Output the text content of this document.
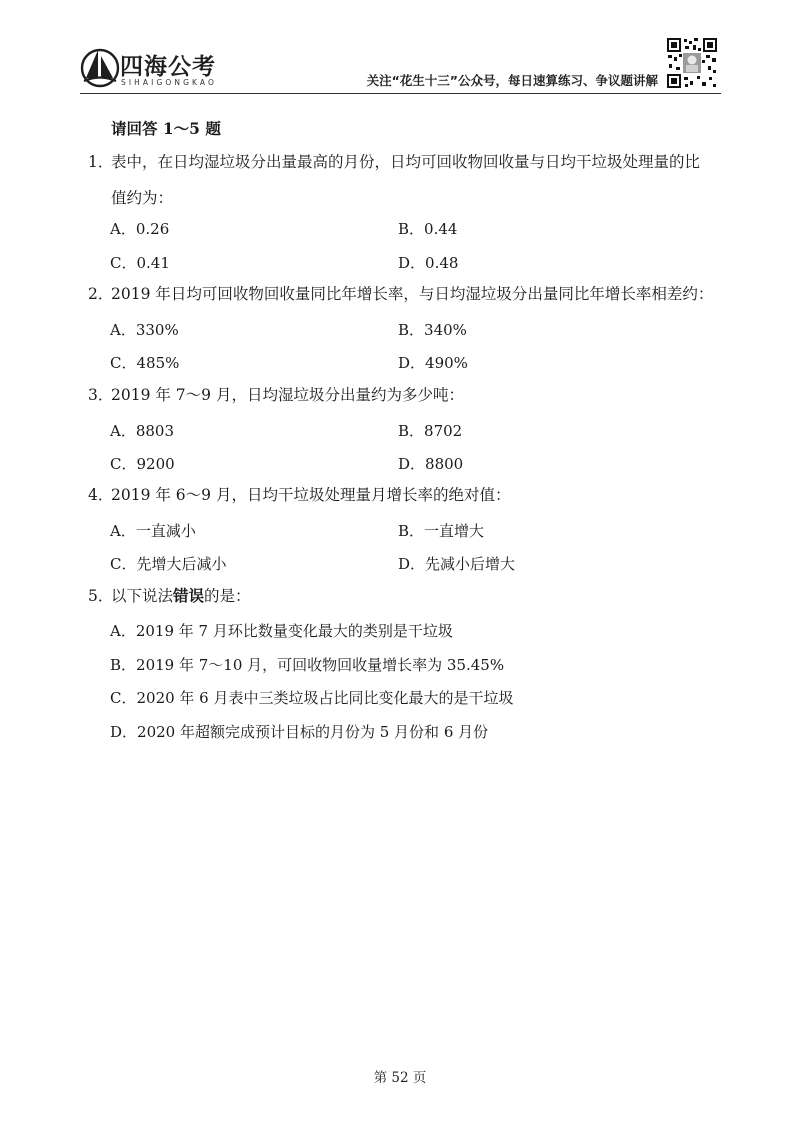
四海公考
SIHAIGONGKAO	关注“花生十三”公众号，每日速算练习、争议题讲解
请回答 1～5 题
1．表中，在日均湿垃圾分出量最高的月份，日均可回收物回收量与日均干垃圾处理量的比
值约为：
A．0.26	B．0.44
C．0.41	D．0.48
2．2019 年日均可回收物回收量同比年增长率，与日均湿垃圾分出量同比年增长率相差约：
A．330%	B．340%
C．485%	D．490%
3．2019 年 7～9 月，日均湿垃圾分出量约为多少吨：
A．8803	B．8702
C．9200	D．8800
4．2019 年 6～9 月，日均干垃圾处理量月增长率的绝对值：
A．一直减小	B．一直增大
C．先增大后减小	D．先减小后增大
5．以下说法错误的是：
A．2019 年 7 月环比数量变化最大的类别是干垃圾
B．2019 年 7～10 月，可回收物回收量增长率为 35.45%
C．2020 年 6 月表中三类垃圾占比同比变化最大的是干垃圾
D．2020 年超额完成预计目标的月份为 5 月份和 6 月份
第 52 页
